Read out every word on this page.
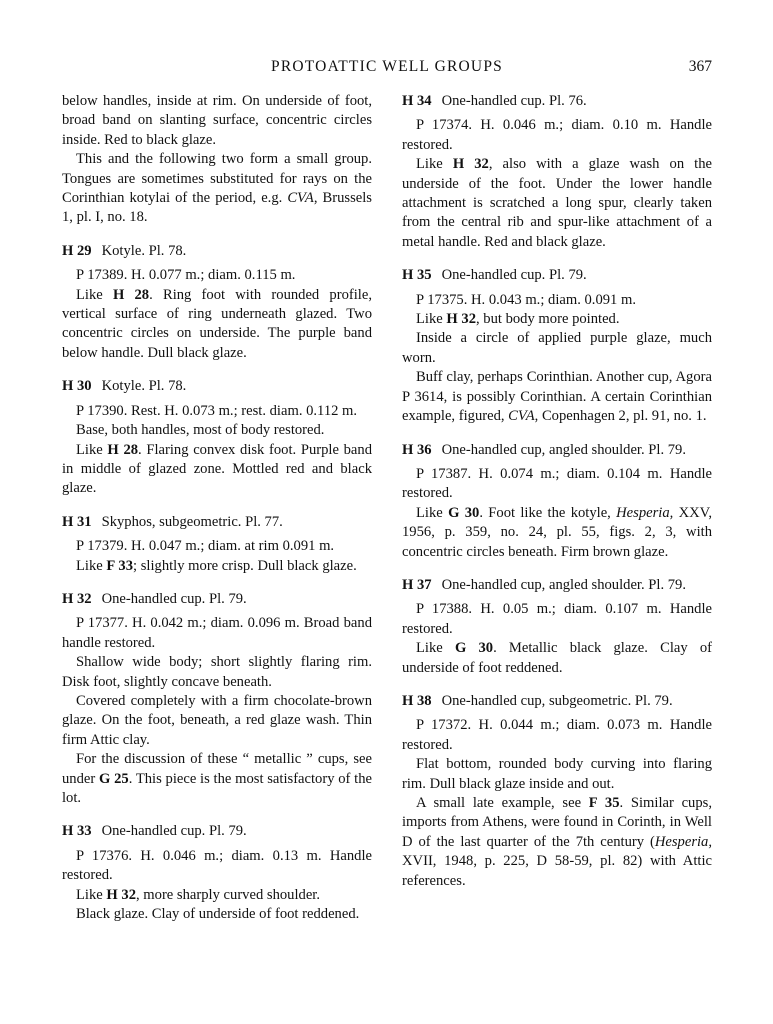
PROTOATTIC WELL GROUPS	367

below handles, inside at rim. On underside of foot, broad band on slanting surface, concentric circles inside. Red to black glaze.

This and the following two form a small group. Tongues are sometimes substituted for rays on the Corinthian kotylai of the period, e.g. CVA, Brussels 1, pl. I, no. 18.

H 29 Kotyle. Pl. 78.

P 17389. H. 0.077 m.; diam. 0.115 m.

Like H 28. Ring foot with rounded profile, vertical surface of ring underneath glazed. Two concentric circles on underside. The purple band below handle. Dull black glaze.

H 30 Kotyle. Pl. 78.

P 17390. Rest. H. 0.073 m.; rest. diam. 0.112 m.

Base, both handles, most of body restored.

Like H 28. Flaring convex disk foot. Purple band in middle of glazed zone. Mottled red and black glaze.

H 31 Skyphos, subgeometric. Pl. 77.

P 17379. H. 0.047 m.; diam. at rim 0.091 m.

Like F 33; slightly more crisp. Dull black glaze.

H 32 One-handled cup. Pl. 79.

P 17377. H. 0.042 m.; diam. 0.096 m. Broad band handle restored.

Shallow wide body; short slightly flaring rim. Disk foot, slightly concave beneath.

Covered completely with a firm chocolate-brown glaze. On the foot, beneath, a red glaze wash. Thin firm Attic clay.

For the discussion of these “ metallic ” cups, see under G 25. This piece is the most satisfactory of the lot.

H 33 One-handled cup. Pl. 79.

P 17376. H. 0.046 m.; diam. 0.13 m. Handle restored.

Like H 32, more sharply curved shoulder.

Black glaze. Clay of underside of foot reddened.

H 34 One-handled cup. Pl. 76.

P 17374. H. 0.046 m.; diam. 0.10 m. Handle restored.

Like H 32, also with a glaze wash on the underside of the foot. Under the lower handle attachment is scratched a long spur, clearly taken from the central rib and spur-like attachment of a metal handle. Red and black glaze.

H 35 One-handled cup. Pl. 79.

P 17375. H. 0.043 m.; diam. 0.091 m.

Like H 32, but body more pointed.

Inside a circle of applied purple glaze, much worn.

Buff clay, perhaps Corinthian. Another cup, Agora P 3614, is possibly Corinthian. A certain Corinthian example, figured, CVA, Copenhagen 2, pl. 91, no. 1.

H 36 One-handled cup, angled shoulder. Pl. 79.

P 17387. H. 0.074 m.; diam. 0.104 m. Handle restored.

Like G 30. Foot like the kotyle, Hesperia, XXV, 1956, p. 359, no. 24, pl. 55, figs. 2, 3, with concentric circles beneath. Firm brown glaze.

H 37 One-handled cup, angled shoulder. Pl. 79.

P 17388. H. 0.05 m.; diam. 0.107 m. Handle restored.

Like G 30. Metallic black glaze. Clay of underside of foot reddened.

H 38 One-handled cup, subgeometric. Pl. 79.

P 17372. H. 0.044 m.; diam. 0.073 m. Handle restored.

Flat bottom, rounded body curving into flaring rim. Dull black glaze inside and out.

A small late example, see F 35. Similar cups, imports from Athens, were found in Corinth, in Well D of the last quarter of the 7th century (Hesperia, XVII, 1948, p. 225, D 58-59, pl. 82) with Attic references.
